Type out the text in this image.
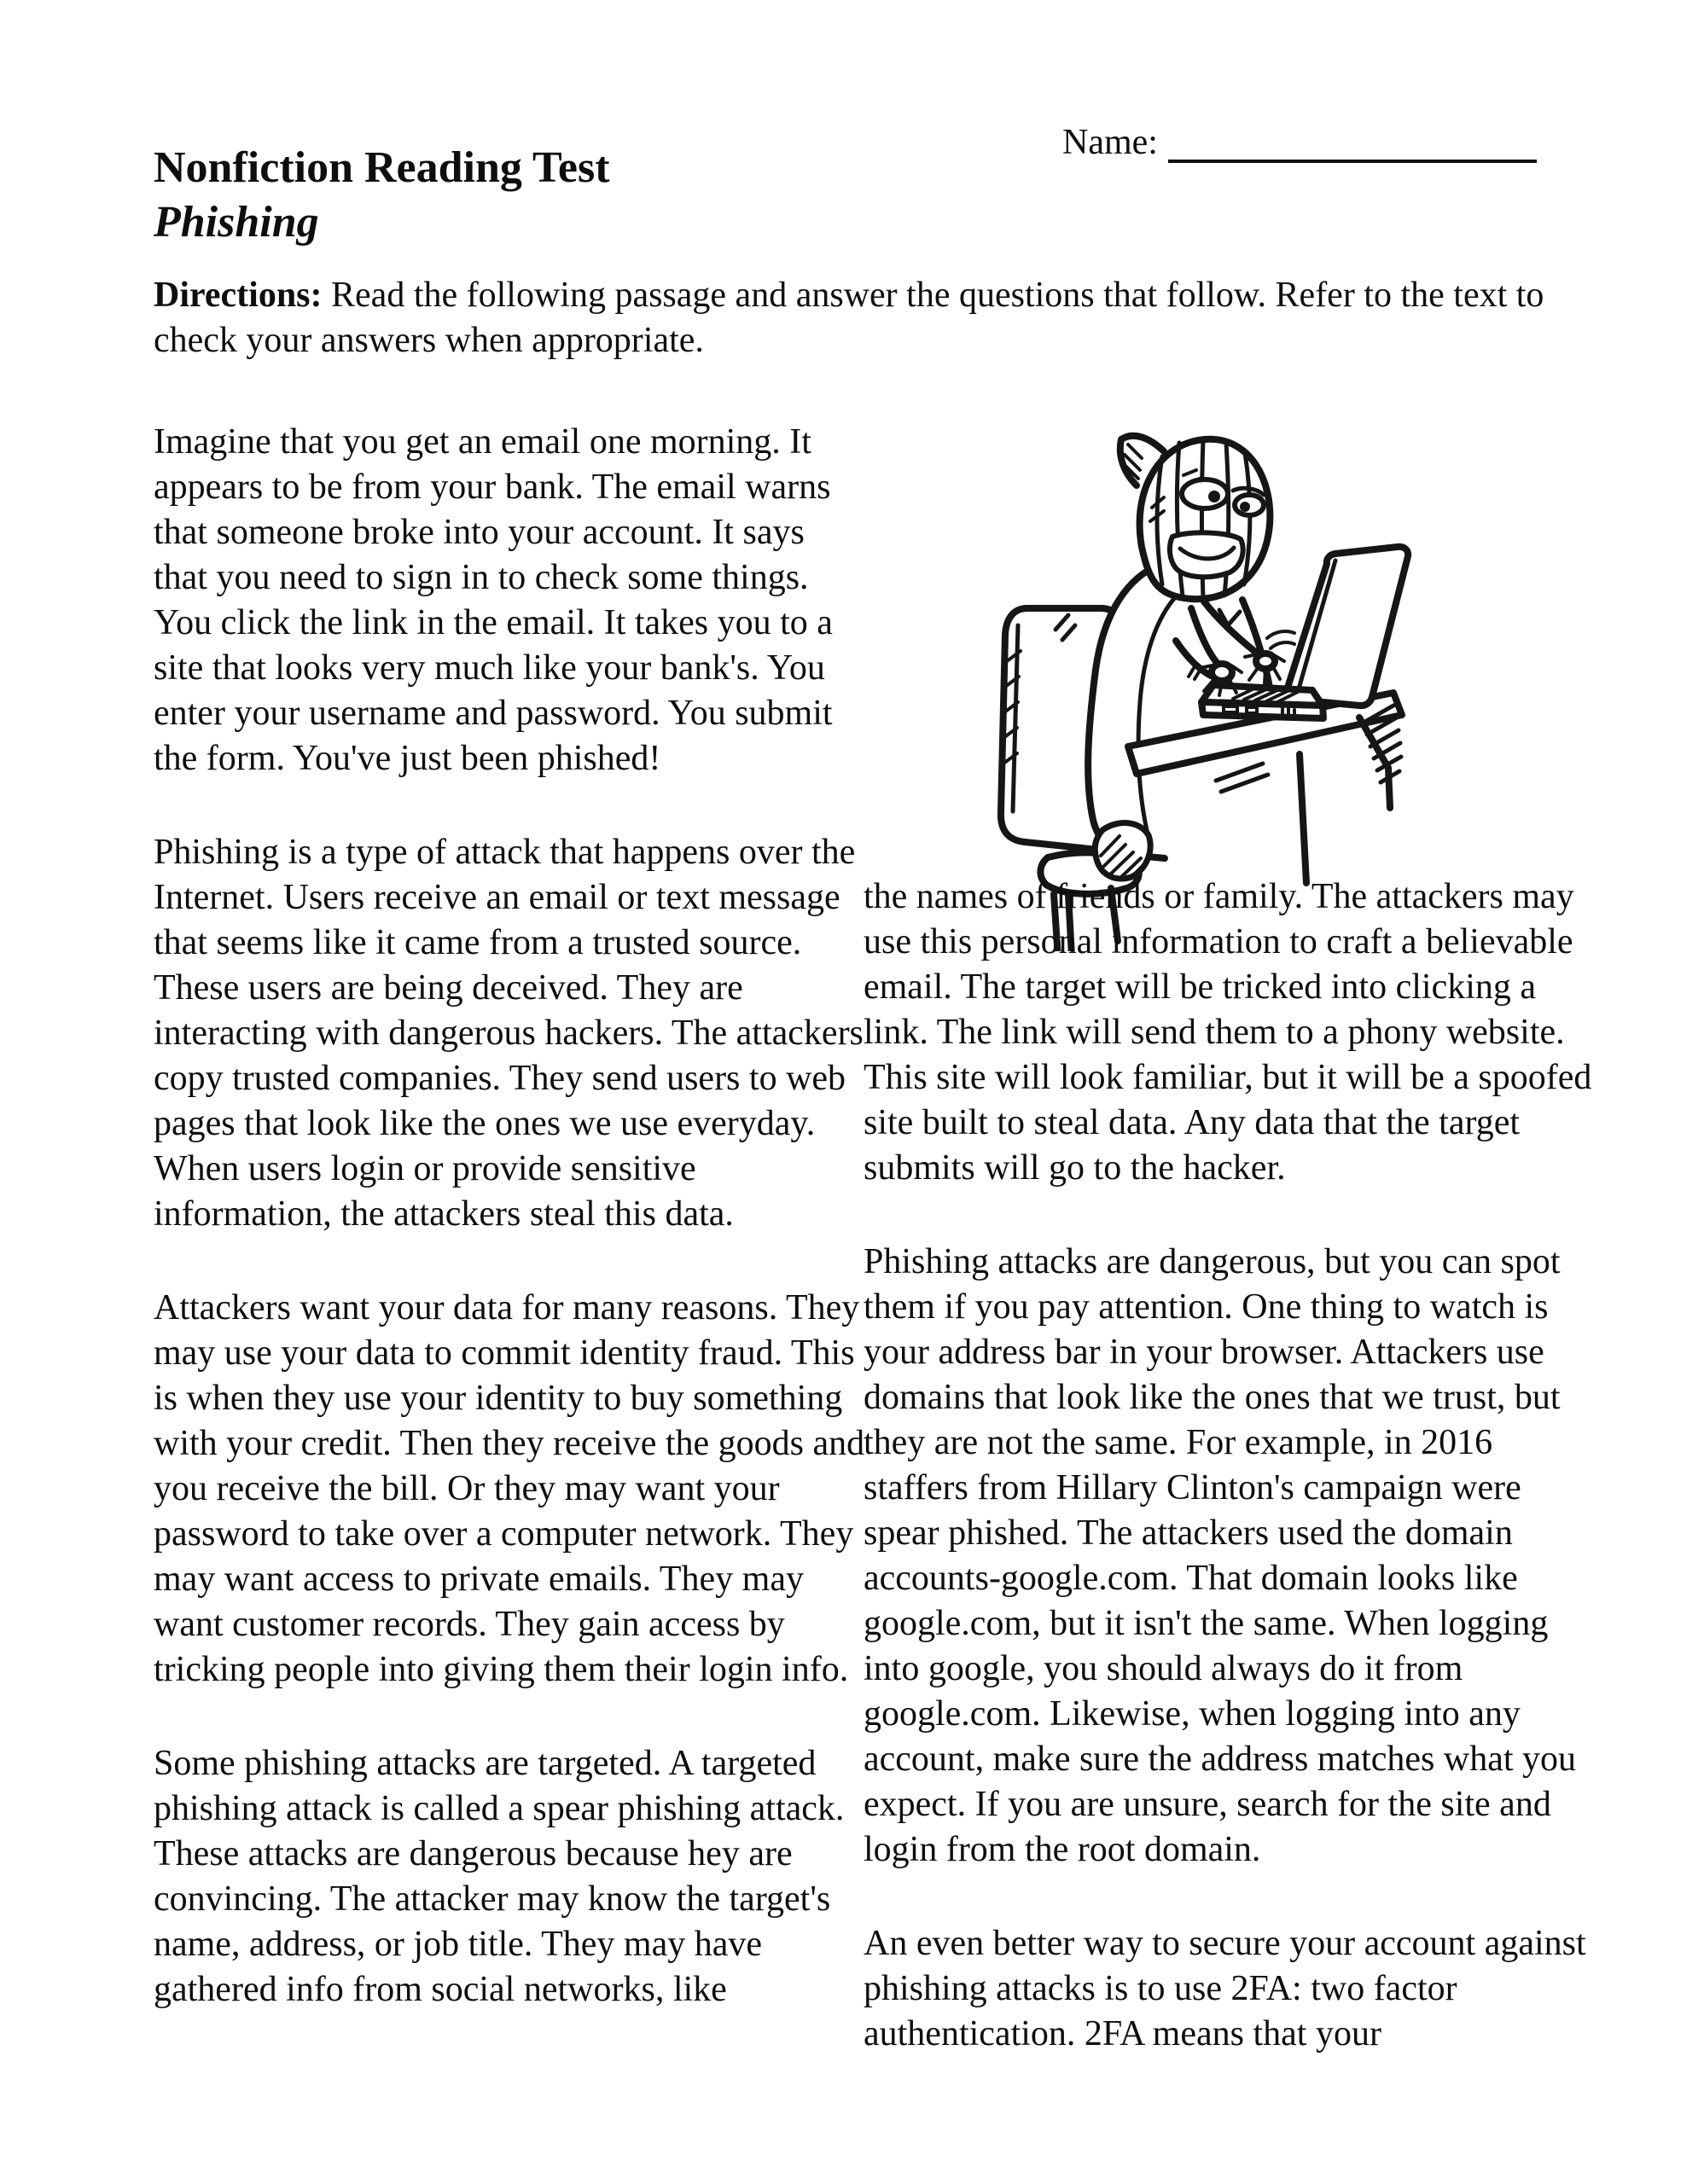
Name:
Nonfiction Reading Test
Phishing
Directions: Read the following passage and answer the questions that follow. Refer to the text to check your answers when appropriate.

Imagine that you get an email one morning. It appears to be from your bank. The email warns that someone broke into your account. It says that you need to sign in to check some things. You click the link in the email. It takes you to a site that looks very much like your bank's. You enter your username and password. You submit the form. You've just been phished!

Phishing is a type of attack that happens over the Internet. Users receive an email or text message that seems like it came from a trusted source. These users are being deceived. They are interacting with dangerous hackers. The attackers copy trusted companies. They send users to web pages that look like the ones we use everyday. When users login or provide sensitive information, the attackers steal this data.

Attackers want your data for many reasons. They may use your data to commit identity fraud. This is when they use your identity to buy something with your credit. Then they receive the goods and you receive the bill. Or they may want your password to take over a computer network. They may want access to private emails. They may want customer records. They gain access by tricking people into giving them their login info.

Some phishing attacks are targeted. A targeted phishing attack is called a spear phishing attack. These attacks are dangerous because hey are convincing. The attacker may know the target's name, address, or job title. They may have gathered info from social networks, like

the names of friends or family. The attackers may use this personal information to craft a believable email. The target will be tricked into clicking a link. The link will send them to a phony website. This site will look familiar, but it will be a spoofed site built to steal data. Any data that the target submits will go to the hacker.

Phishing attacks are dangerous, but you can spot them if you pay attention. One thing to watch is your address bar in your browser. Attackers use domains that look like the ones that we trust, but they are not the same. For example, in 2016 staffers from Hillary Clinton's campaign were spear phished. The attackers used the domain accounts-google.com. That domain looks like google.com, but it isn't the same. When logging into google, you should always do it from google.com. Likewise, when logging into any account, make sure the address matches what you expect. If you are unsure, search for the site and login from the root domain.

An even better way to secure your account against phishing attacks is to use 2FA: two factor authentication. 2FA means that your
